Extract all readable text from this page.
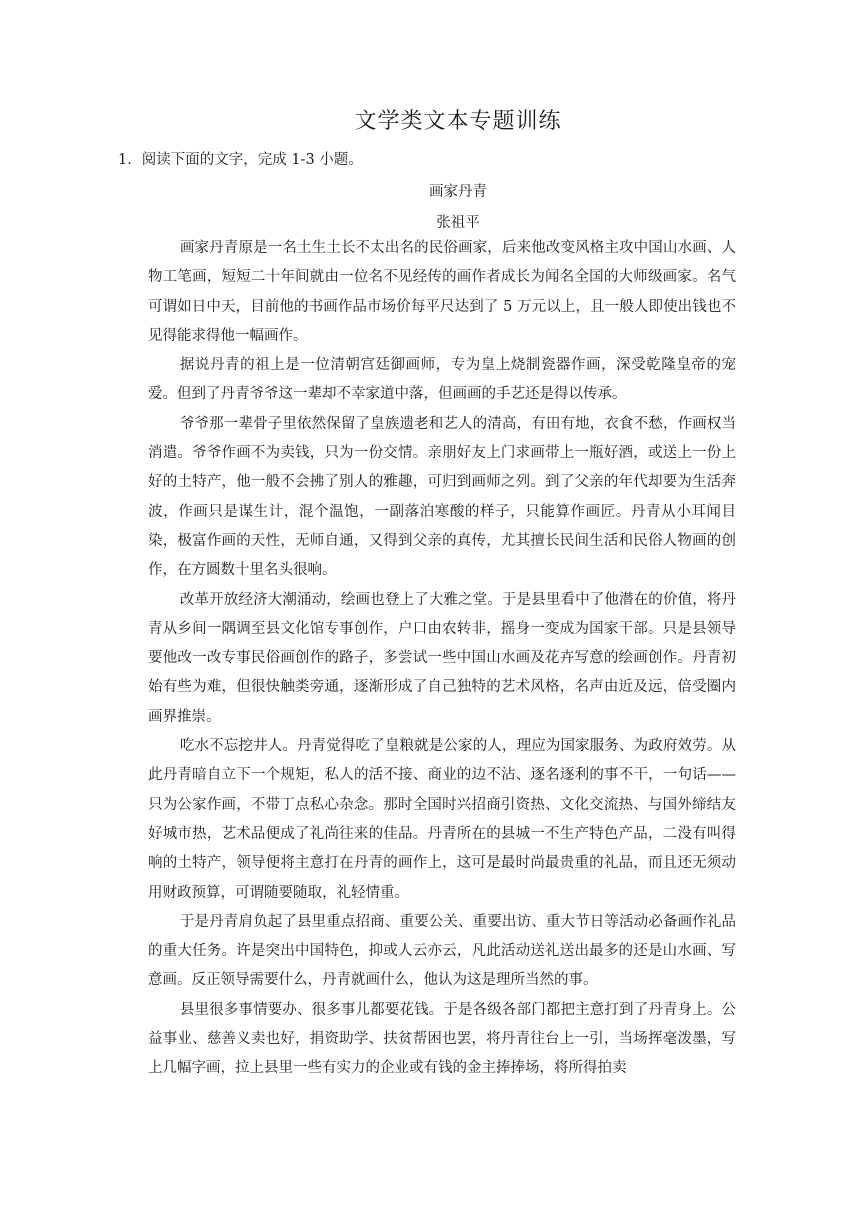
文学类文本专题训练

1．阅读下面的文字，完成 1-3 小题。

画家丹青

张祖平

画家丹青原是一名土生土长不太出名的民俗画家，后来他改变风格主攻中国山水画、人物工笔画，短短二十年间就由一位名不见经传的画作者成长为闻名全国的大师级画家。名气可谓如日中天，目前他的书画作品市场价每平尺达到了 5 万元以上，且一般人即使出钱也不见得能求得他一幅画作。

据说丹青的祖上是一位清朝宫廷御画师，专为皇上烧制瓷器作画，深受乾隆皇帝的宠爱。但到了丹青爷爷这一辈却不幸家道中落，但画画的手艺还是得以传承。

爷爷那一辈骨子里依然保留了皇族遗老和艺人的清高，有田有地，衣食不愁，作画权当消遣。爷爷作画不为卖钱，只为一份交情。亲朋好友上门求画带上一瓶好酒，或送上一份上好的土特产，他一般不会拂了别人的雅趣，可归到画师之列。到了父亲的年代却要为生活奔波，作画只是谋生计，混个温饱，一副落泊寒酸的样子，只能算作画匠。丹青从小耳闻目染，极富作画的天性，无师自通，又得到父亲的真传，尤其擅长民间生活和民俗人物画的创作，在方圆数十里名头很响。

改革开放经济大潮涌动，绘画也登上了大雅之堂。于是县里看中了他潜在的价值，将丹青从乡间一隅调至县文化馆专事创作，户口由农转非，摇身一变成为国家干部。只是县领导要他改一改专事民俗画创作的路子，多尝试一些中国山水画及花卉写意的绘画创作。丹青初始有些为难，但很快触类旁通，逐渐形成了自己独特的艺术风格，名声由近及远，倍受圈内画界推崇。

吃水不忘挖井人。丹青觉得吃了皇粮就是公家的人，理应为国家服务、为政府效劳。从此丹青暗自立下一个规矩，私人的活不接、商业的边不沾、逐名逐利的事不干，一句话——只为公家作画，不带丁点私心杂念。那时全国时兴招商引资热、文化交流热、与国外缔结友好城市热，艺术品便成了礼尚往来的佳品。丹青所在的县城一不生产特色产品，二没有叫得响的土特产，领导便将主意打在丹青的画作上，这可是最时尚最贵重的礼品，而且还无须动用财政预算，可谓随要随取，礼轻情重。

于是丹青肩负起了县里重点招商、重要公关、重要出访、重大节日等活动必备画作礼品的重大任务。许是突出中国特色，抑或人云亦云，凡此活动送礼送出最多的还是山水画、写意画。反正领导需要什么，丹青就画什么，他认为这是理所当然的事。

县里很多事情要办、很多事儿都要花钱。于是各级各部门都把主意打到了丹青身上。公益事业、慈善义卖也好，捐资助学、扶贫帮困也罢，将丹青往台上一引，当场挥毫泼墨，写上几幅字画，拉上县里一些有实力的企业或有钱的金主捧捧场，将所得拍卖
